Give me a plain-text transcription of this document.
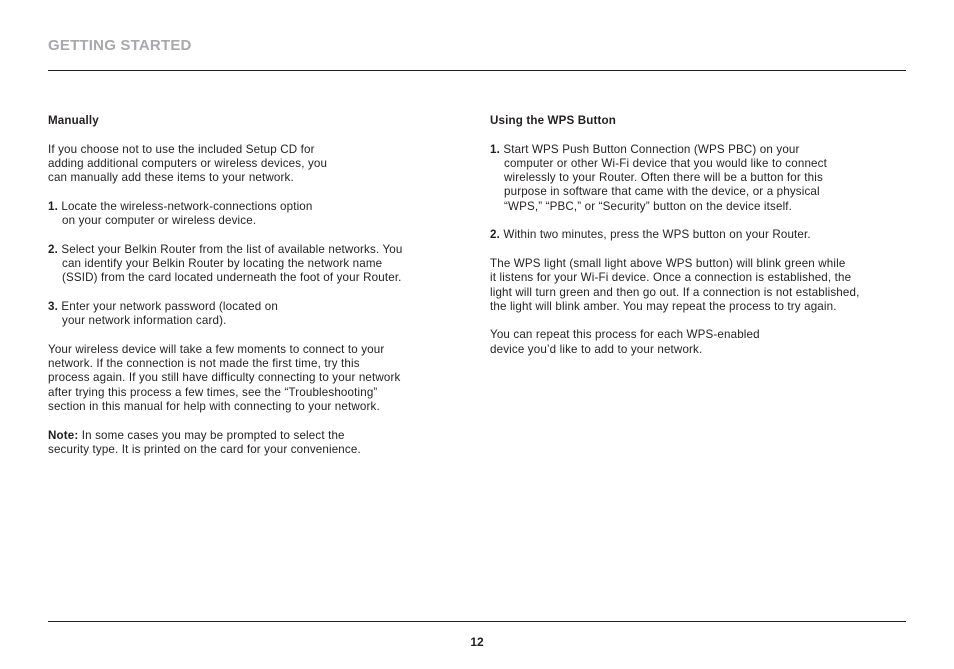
GETTING STARTED
Manually
If you choose not to use the included Setup CD for
adding additional computers or wireless devices, you
can manually add these items to your network.
1. Locate the wireless-network-connections option
on your computer or wireless device.
2. Select your Belkin Router from the list of available networks. You
can identify your Belkin Router by locating the network name
(SSID) from the card located underneath the foot of your Router.
3. Enter your network password (located on
your network information card).
Your wireless device will take a few moments to connect to your
network. If the connection is not made the first time, try this
process again. If you still have difficulty connecting to your network
after trying this process a few times, see the “Troubleshooting”
section in this manual for help with connecting to your network.
Note: In some cases you may be prompted to select the
security type. It is printed on the card for your convenience.
Using the WPS Button
1. Start WPS Push Button Connection (WPS PBC) on your
computer or other Wi-Fi device that you would like to connect
wirelessly to your Router. Often there will be a button for this
purpose in software that came with the device, or a physical
“WPS,” “PBC,” or “Security” button on the device itself.
2. Within two minutes, press the WPS button on your Router.
The WPS light (small light above WPS button) will blink green while
it listens for your Wi-Fi device. Once a connection is established, the
light will turn green and then go out. If a connection is not established,
the light will blink amber. You may repeat the process to try again.
You can repeat this process for each WPS-enabled
device you’d like to add to your network.
12
